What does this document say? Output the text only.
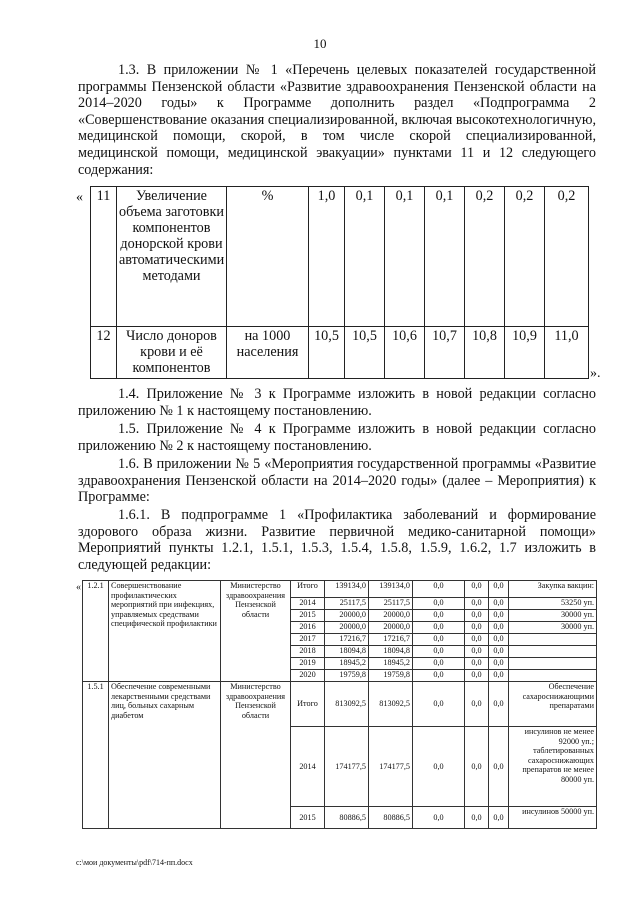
10
1.3. В приложении № 1 «Перечень целевых показателей государственной программы Пензенской области «Развитие здравоохранения Пензенской области на 2014–2020 годы» к Программе дополнить раздел «Подпрограмма 2 «Совершенствование оказания специализированной, включая высокотехнологичную, медицинской помощи, скорой, в том числе скорой специализированной, медицинской помощи, медицинской эвакуации» пунктами 11 и 12 следующего содержания:
« 11	Увеличение объема заготовки компонентов донорской крови автоматическими методами	%	1,0	0,1	0,1	0,1	0,2	0,2	0,2
12	Число доноров крови и её компонентов	на 1000 населения	10,5	10,5	10,6	10,7	10,8	10,9	11,0
».
1.4. Приложение № 3 к Программе изложить в новой редакции согласно приложению № 1 к настоящему постановлению.
1.5. Приложение № 4 к Программе изложить в новой редакции согласно приложению № 2 к настоящему постановлению.
1.6. В приложении № 5 «Мероприятия государственной программы «Развитие здравоохранения Пензенской области на 2014–2020 годы» (далее – Мероприятия) к Программе:
1.6.1. В подпрограмме 1 «Профилактика заболеваний и формирование здорового образа жизни. Развитие первичной медико-санитарной помощи» Мероприятий пункты 1.2.1, 1.5.1, 1.5.3, 1.5.4, 1.5.8, 1.5.9, 1.6.2, 1.7 изложить в следующей редакции:
« 1.2.1	Совершенствование профилактических мероприятий при инфекциях, управляемых средствами специфической профилактики	Министерство здравоохранения Пензенской области	Итого	139134,0	139134,0	0,0	0,0	0,0	Закупка вакцин:
			2014	25117,5	25117,5	0,0	0,0	0,0	53250 уп.
			2015	20000,0	20000,0	0,0	0,0	0,0	30000 уп.
			2016	20000,0	20000,0	0,0	0,0	0,0	30000 уп.
			2017	17216,7	17216,7	0,0	0,0	0,0	
			2018	18094,8	18094,8	0,0	0,0	0,0	
			2019	18945,2	18945,2	0,0	0,0	0,0	
			2020	19759,8	19759,8	0,0	0,0	0,0	
1.5.1	Обеспечение современными лекарственными средствами лиц, больных сахарным диабетом	Министерство здравоохранения Пензенской области	Итого	813092,5	813092,5	0,0	0,0	0,0	Обеспечение сахароснижающими препаратами
			2014	174177,5	174177,5	0,0	0,0	0,0	инсулинов не менее 92000 уп.; таблетированных сахароснижающих препаратов не менее 80000 уп.
			2015	80886,5	80886,5	0,0	0,0	0,0	инсулинов 50000 уп.
c:\мои документы\pdf\714-пп.docx
